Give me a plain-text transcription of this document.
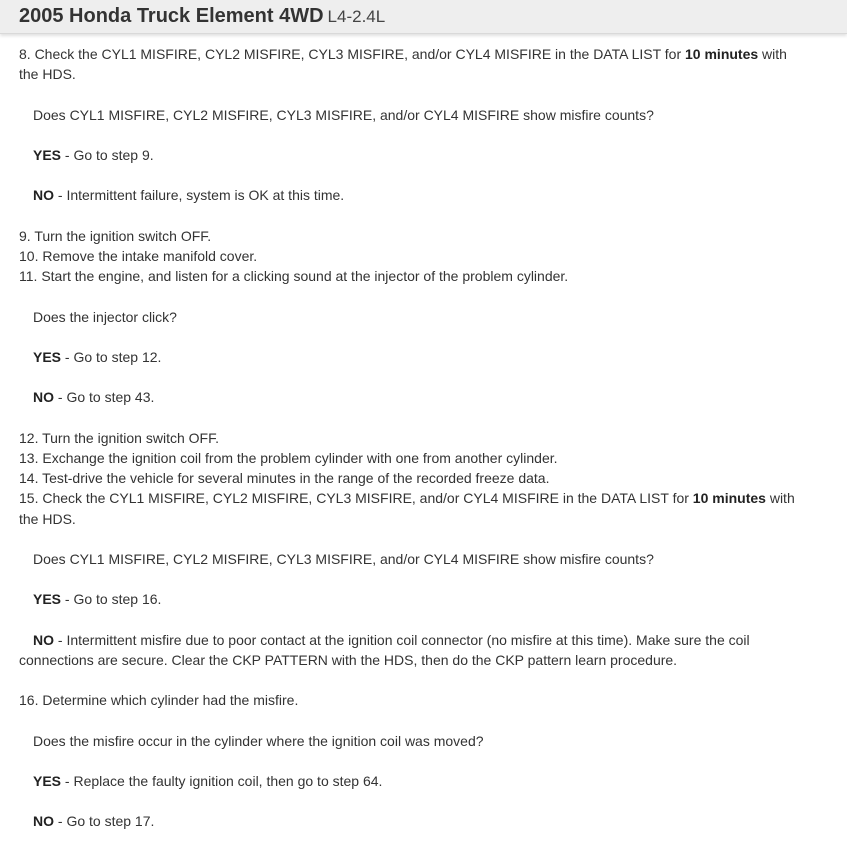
2005 Honda Truck Element 4WD L4-2.4L
8. Check the CYL1 MISFIRE, CYL2 MISFIRE, CYL3 MISFIRE, and/or CYL4 MISFIRE in the DATA LIST for 10 minutes with the HDS.
Does CYL1 MISFIRE, CYL2 MISFIRE, CYL3 MISFIRE, and/or CYL4 MISFIRE show misfire counts?
YES - Go to step 9.
NO - Intermittent failure, system is OK at this time.
9. Turn the ignition switch OFF.
10. Remove the intake manifold cover.
11. Start the engine, and listen for a clicking sound at the injector of the problem cylinder.
Does the injector click?
YES - Go to step 12.
NO - Go to step 43.
12. Turn the ignition switch OFF.
13. Exchange the ignition coil from the problem cylinder with one from another cylinder.
14. Test-drive the vehicle for several minutes in the range of the recorded freeze data.
15. Check the CYL1 MISFIRE, CYL2 MISFIRE, CYL3 MISFIRE, and/or CYL4 MISFIRE in the DATA LIST for 10 minutes with the HDS.
Does CYL1 MISFIRE, CYL2 MISFIRE, CYL3 MISFIRE, and/or CYL4 MISFIRE show misfire counts?
YES - Go to step 16.
NO - Intermittent misfire due to poor contact at the ignition coil connector (no misfire at this time). Make sure the coil connections are secure. Clear the CKP PATTERN with the HDS, then do the CKP pattern learn procedure.
16. Determine which cylinder had the misfire.
Does the misfire occur in the cylinder where the ignition coil was moved?
YES - Replace the faulty ignition coil, then go to step 64.
NO - Go to step 17.
